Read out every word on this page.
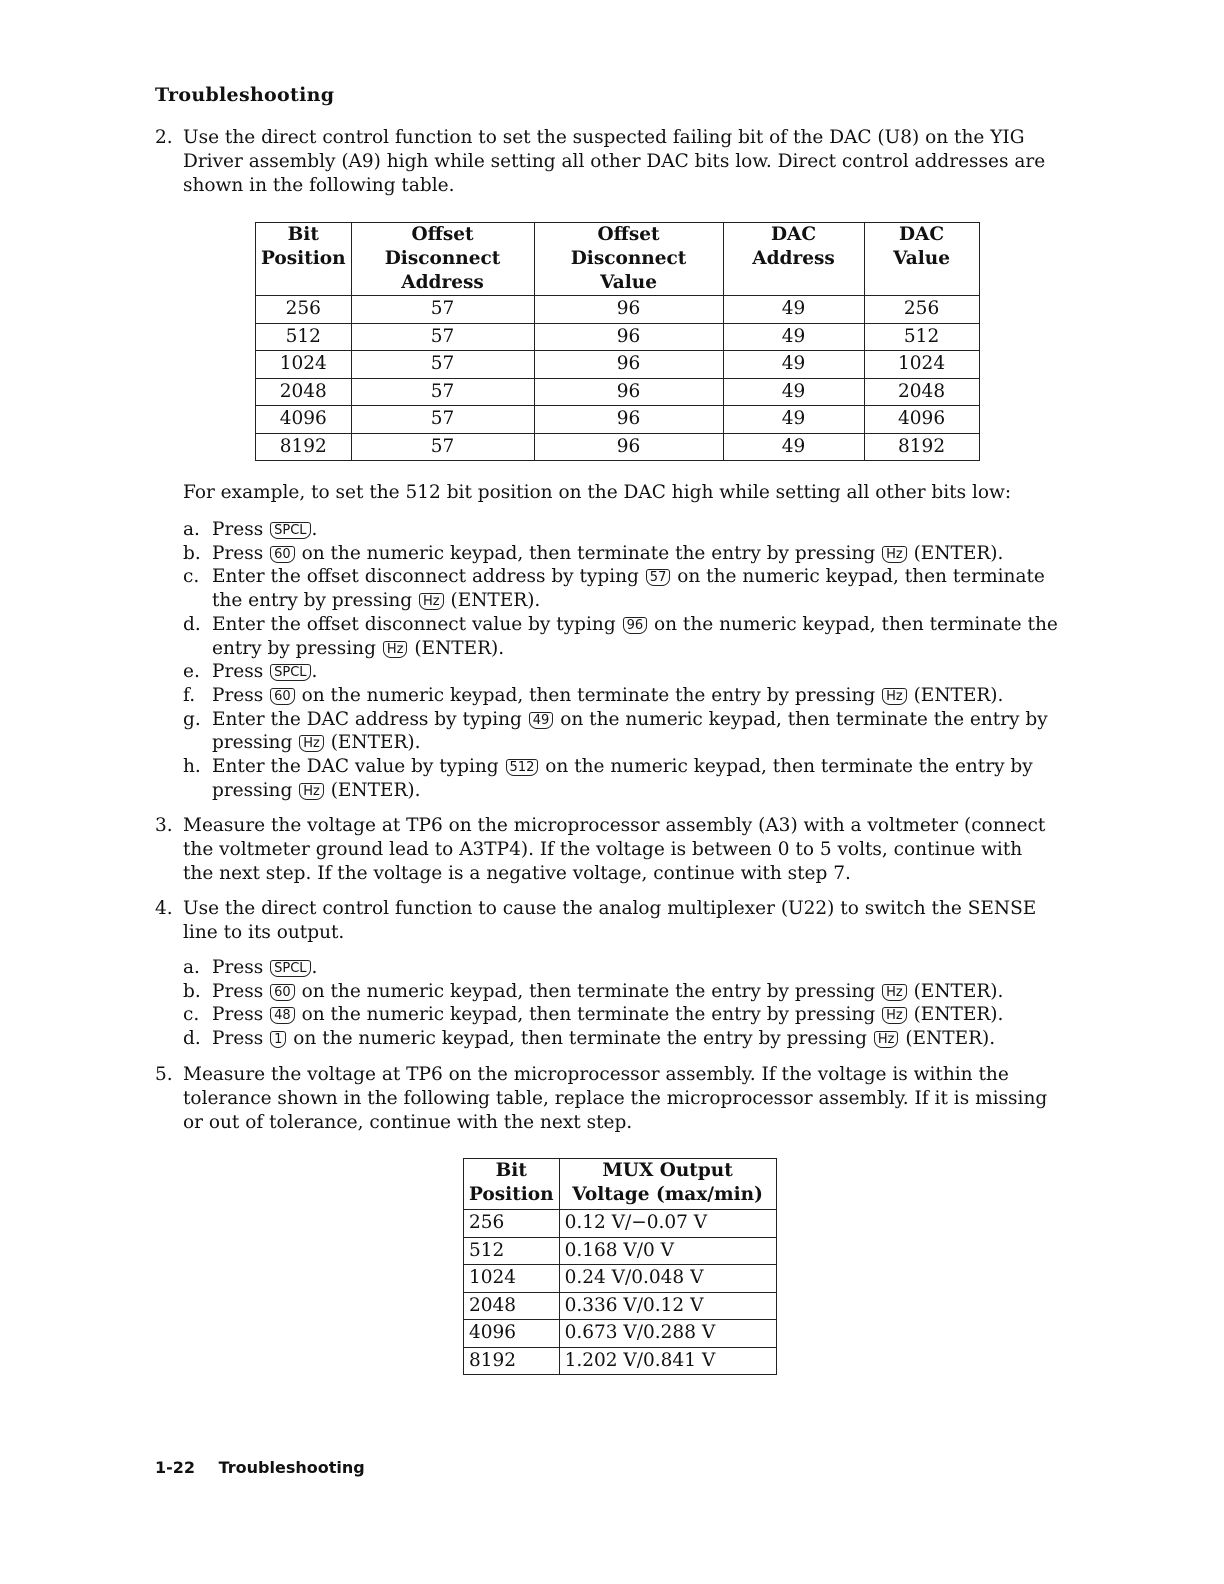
Troubleshooting
2. Use the direct control function to set the suspected failing bit of the DAC (U8) on the YIG Driver assembly (A9) high while setting all other DAC bits low. Direct control addresses are shown in the following table.
Bit Position	Offset Disconnect Address	Offset Disconnect Value	DAC Address	DAC Value
256	57	96	49	256
512	57	96	49	512
1024	57	96	49	1024
2048	57	96	49	2048
4096	57	96	49	4096
8192	57	96	49	8192
For example, to set the 512 bit position on the DAC high while setting all other bits low:
a. Press SPCL .
b. Press 60 on the numeric keypad, then terminate the entry by pressing Hz (ENTER).
c. Enter the offset disconnect address by typing 57 on the numeric keypad, then terminate the entry by pressing Hz (ENTER).
d. Enter the offset disconnect value by typing 96 on the numeric keypad, then terminate the entry by pressing Hz (ENTER).
e. Press SPCL .
f. Press 60 on the numeric keypad, then terminate the entry by pressing Hz (ENTER).
g. Enter the DAC address by typing 49 on the numeric keypad, then terminate the entry by pressing Hz (ENTER).
h. Enter the DAC value by typing 512 on the numeric keypad, then terminate the entry by pressing Hz (ENTER).
3. Measure the voltage at TP6 on the microprocessor assembly (A3) with a voltmeter (connect the voltmeter ground lead to A3TP4). If the voltage is between 0 to 5 volts, continue with the next step. If the voltage is a negative voltage, continue with step 7.
4. Use the direct control function to cause the analog multiplexer (U22) to switch the SENSE line to its output.
a. Press SPCL .
b. Press 60 on the numeric keypad, then terminate the entry by pressing Hz (ENTER).
c. Press 48 on the numeric keypad, then terminate the entry by pressing Hz (ENTER).
d. Press 1 on the numeric keypad, then terminate the entry by pressing Hz (ENTER).
5. Measure the voltage at TP6 on the microprocessor assembly. If the voltage is within the tolerance shown in the following table, replace the microprocessor assembly. If it is missing or out of tolerance, continue with the next step.
Bit Position	MUX Output Voltage (max/min)
256	0.12 V/−0.07 V
512	0.168 V/0 V
1024	0.24 V/0.048 V
2048	0.336 V/0.12 V
4096	0.673 V/0.288 V
8192	1.202 V/0.841 V
1-22 Troubleshooting
